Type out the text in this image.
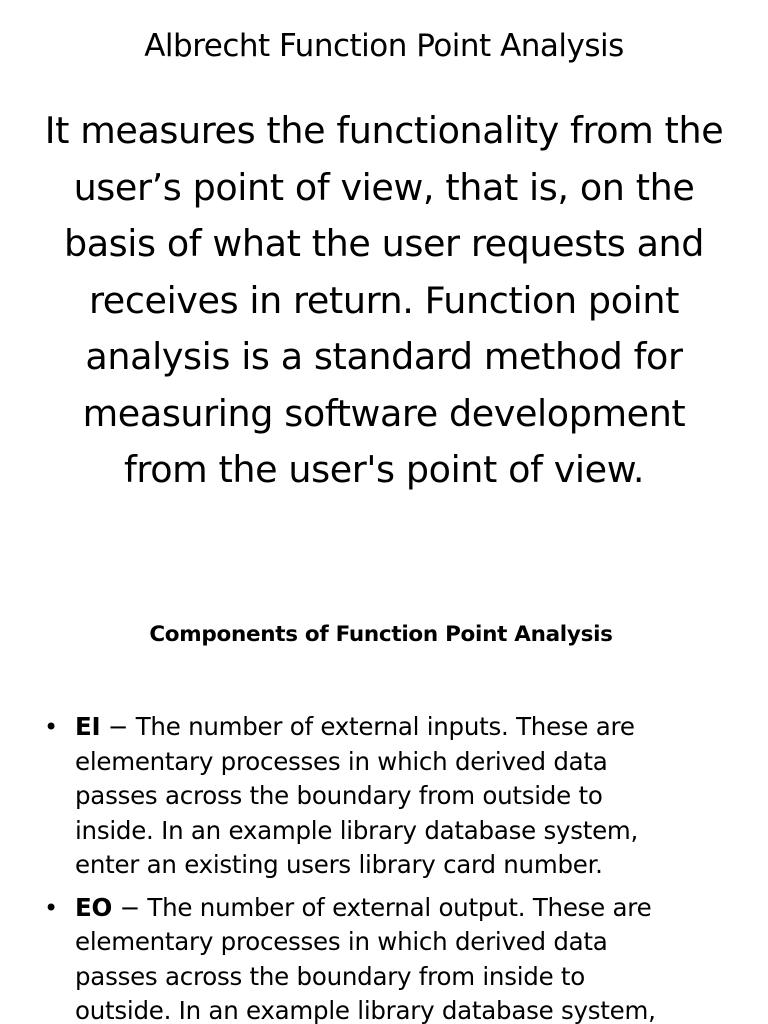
Albrecht Function Point Analysis

It measures the functionality from the
user’s point of view, that is, on the
basis of what the user requests and
receives in return. Function point
analysis is a standard method for
measuring software development
from the user's point of view.

Components of Function Point Analysis
• EI − The number of external inputs. These are
elementary processes in which derived data
passes across the boundary from outside to
inside. In an example library database system,
enter an existing users library card number.
• EO − The number of external output. These are
elementary processes in which derived data
passes across the boundary from inside to
outside. In an example library database system,
